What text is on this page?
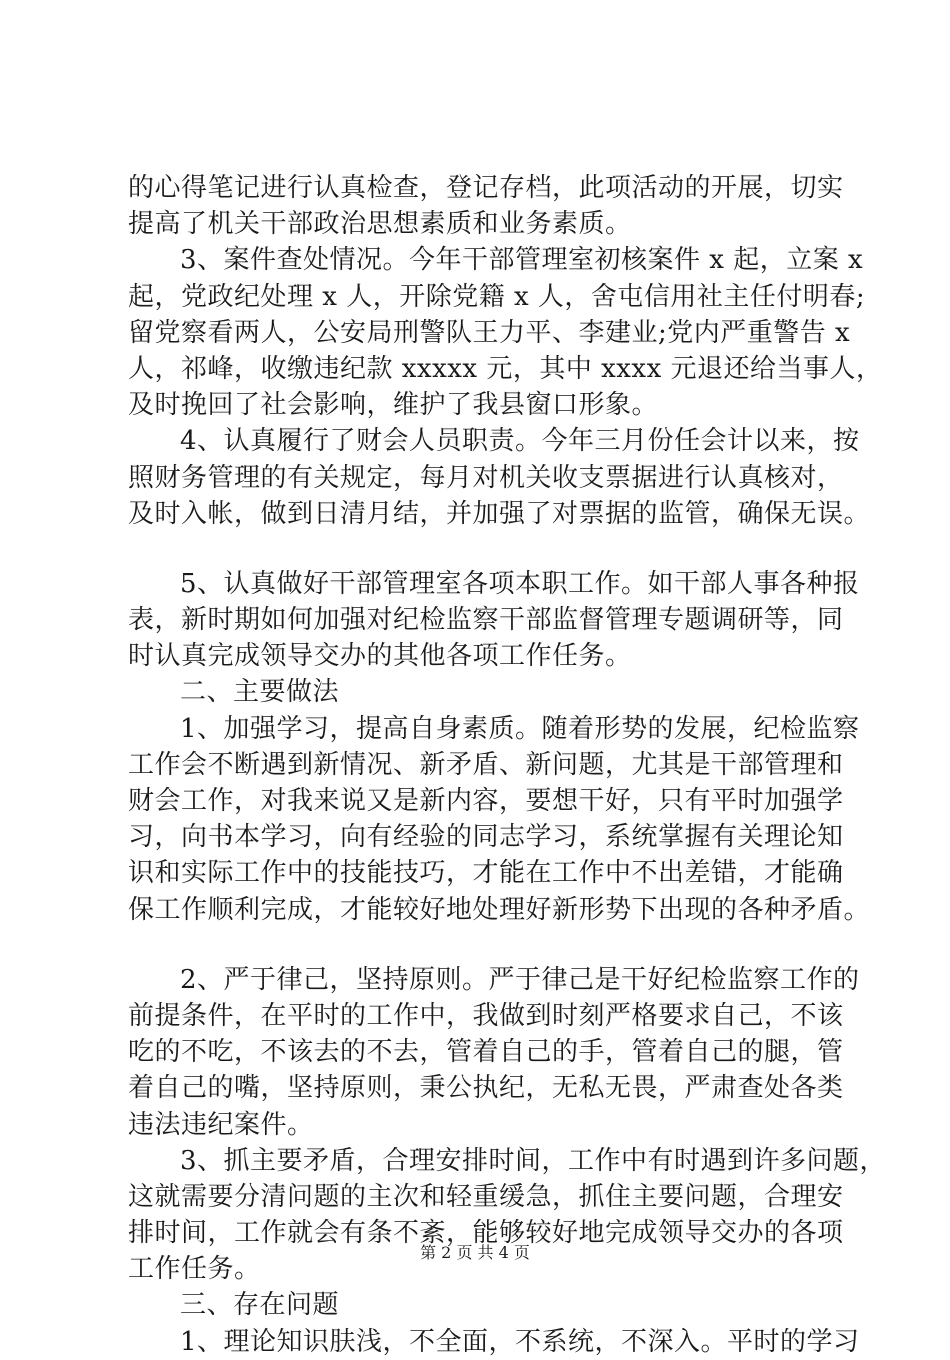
的心得笔记进行认真检查，登记存档，此项活动的开展，切实
提高了机关干部政治思想素质和业务素质。
3、案件查处情况。今年干部管理室初核案件 x 起，立案 x
起，党政纪处理 x 人，开除党籍 x 人，舍屯信用社主任付明春;
留党察看两人，公安局刑警队王力平、李建业;党内严重警告 x
人，祁峰，收缴违纪款 xxxxx 元，其中 xxxx 元退还给当事人，
及时挽回了社会影响，维护了我县窗口形象。
4、认真履行了财会人员职责。今年三月份任会计以来，按
照财务管理的有关规定，每月对机关收支票据进行认真核对，
及时入帐，做到日清月结，并加强了对票据的监管，确保无误。
5、认真做好干部管理室各项本职工作。如干部人事各种报
表，新时期如何加强对纪检监察干部监督管理专题调研等，同
时认真完成领导交办的其他各项工作任务。
二、主要做法
1、加强学习，提高自身素质。随着形势的发展，纪检监察
工作会不断遇到新情况、新矛盾、新问题，尤其是干部管理和
财会工作，对我来说又是新内容，要想干好，只有平时加强学
习，向书本学习，向有经验的同志学习，系统掌握有关理论知
识和实际工作中的技能技巧，才能在工作中不出差错，才能确
保工作顺利完成，才能较好地处理好新形势下出现的各种矛盾。
2、严于律己，坚持原则。严于律己是干好纪检监察工作的
前提条件，在平时的工作中，我做到时刻严格要求自己，不该
吃的不吃，不该去的不去，管着自己的手，管着自己的腿，管
着自己的嘴，坚持原则，秉公执纪，无私无畏，严肃查处各类
违法违纪案件。
3、抓主要矛盾，合理安排时间，工作中有时遇到许多问题，
这就需要分清问题的主次和轻重缓急，抓住主要问题，合理安
排时间，工作就会有条不紊，能够较好地完成领导交办的各项
工作任务。
三、存在问题
1、理论知识肤浅，不全面，不系统，不深入。平时的学习
第 2 页 共 4 页
